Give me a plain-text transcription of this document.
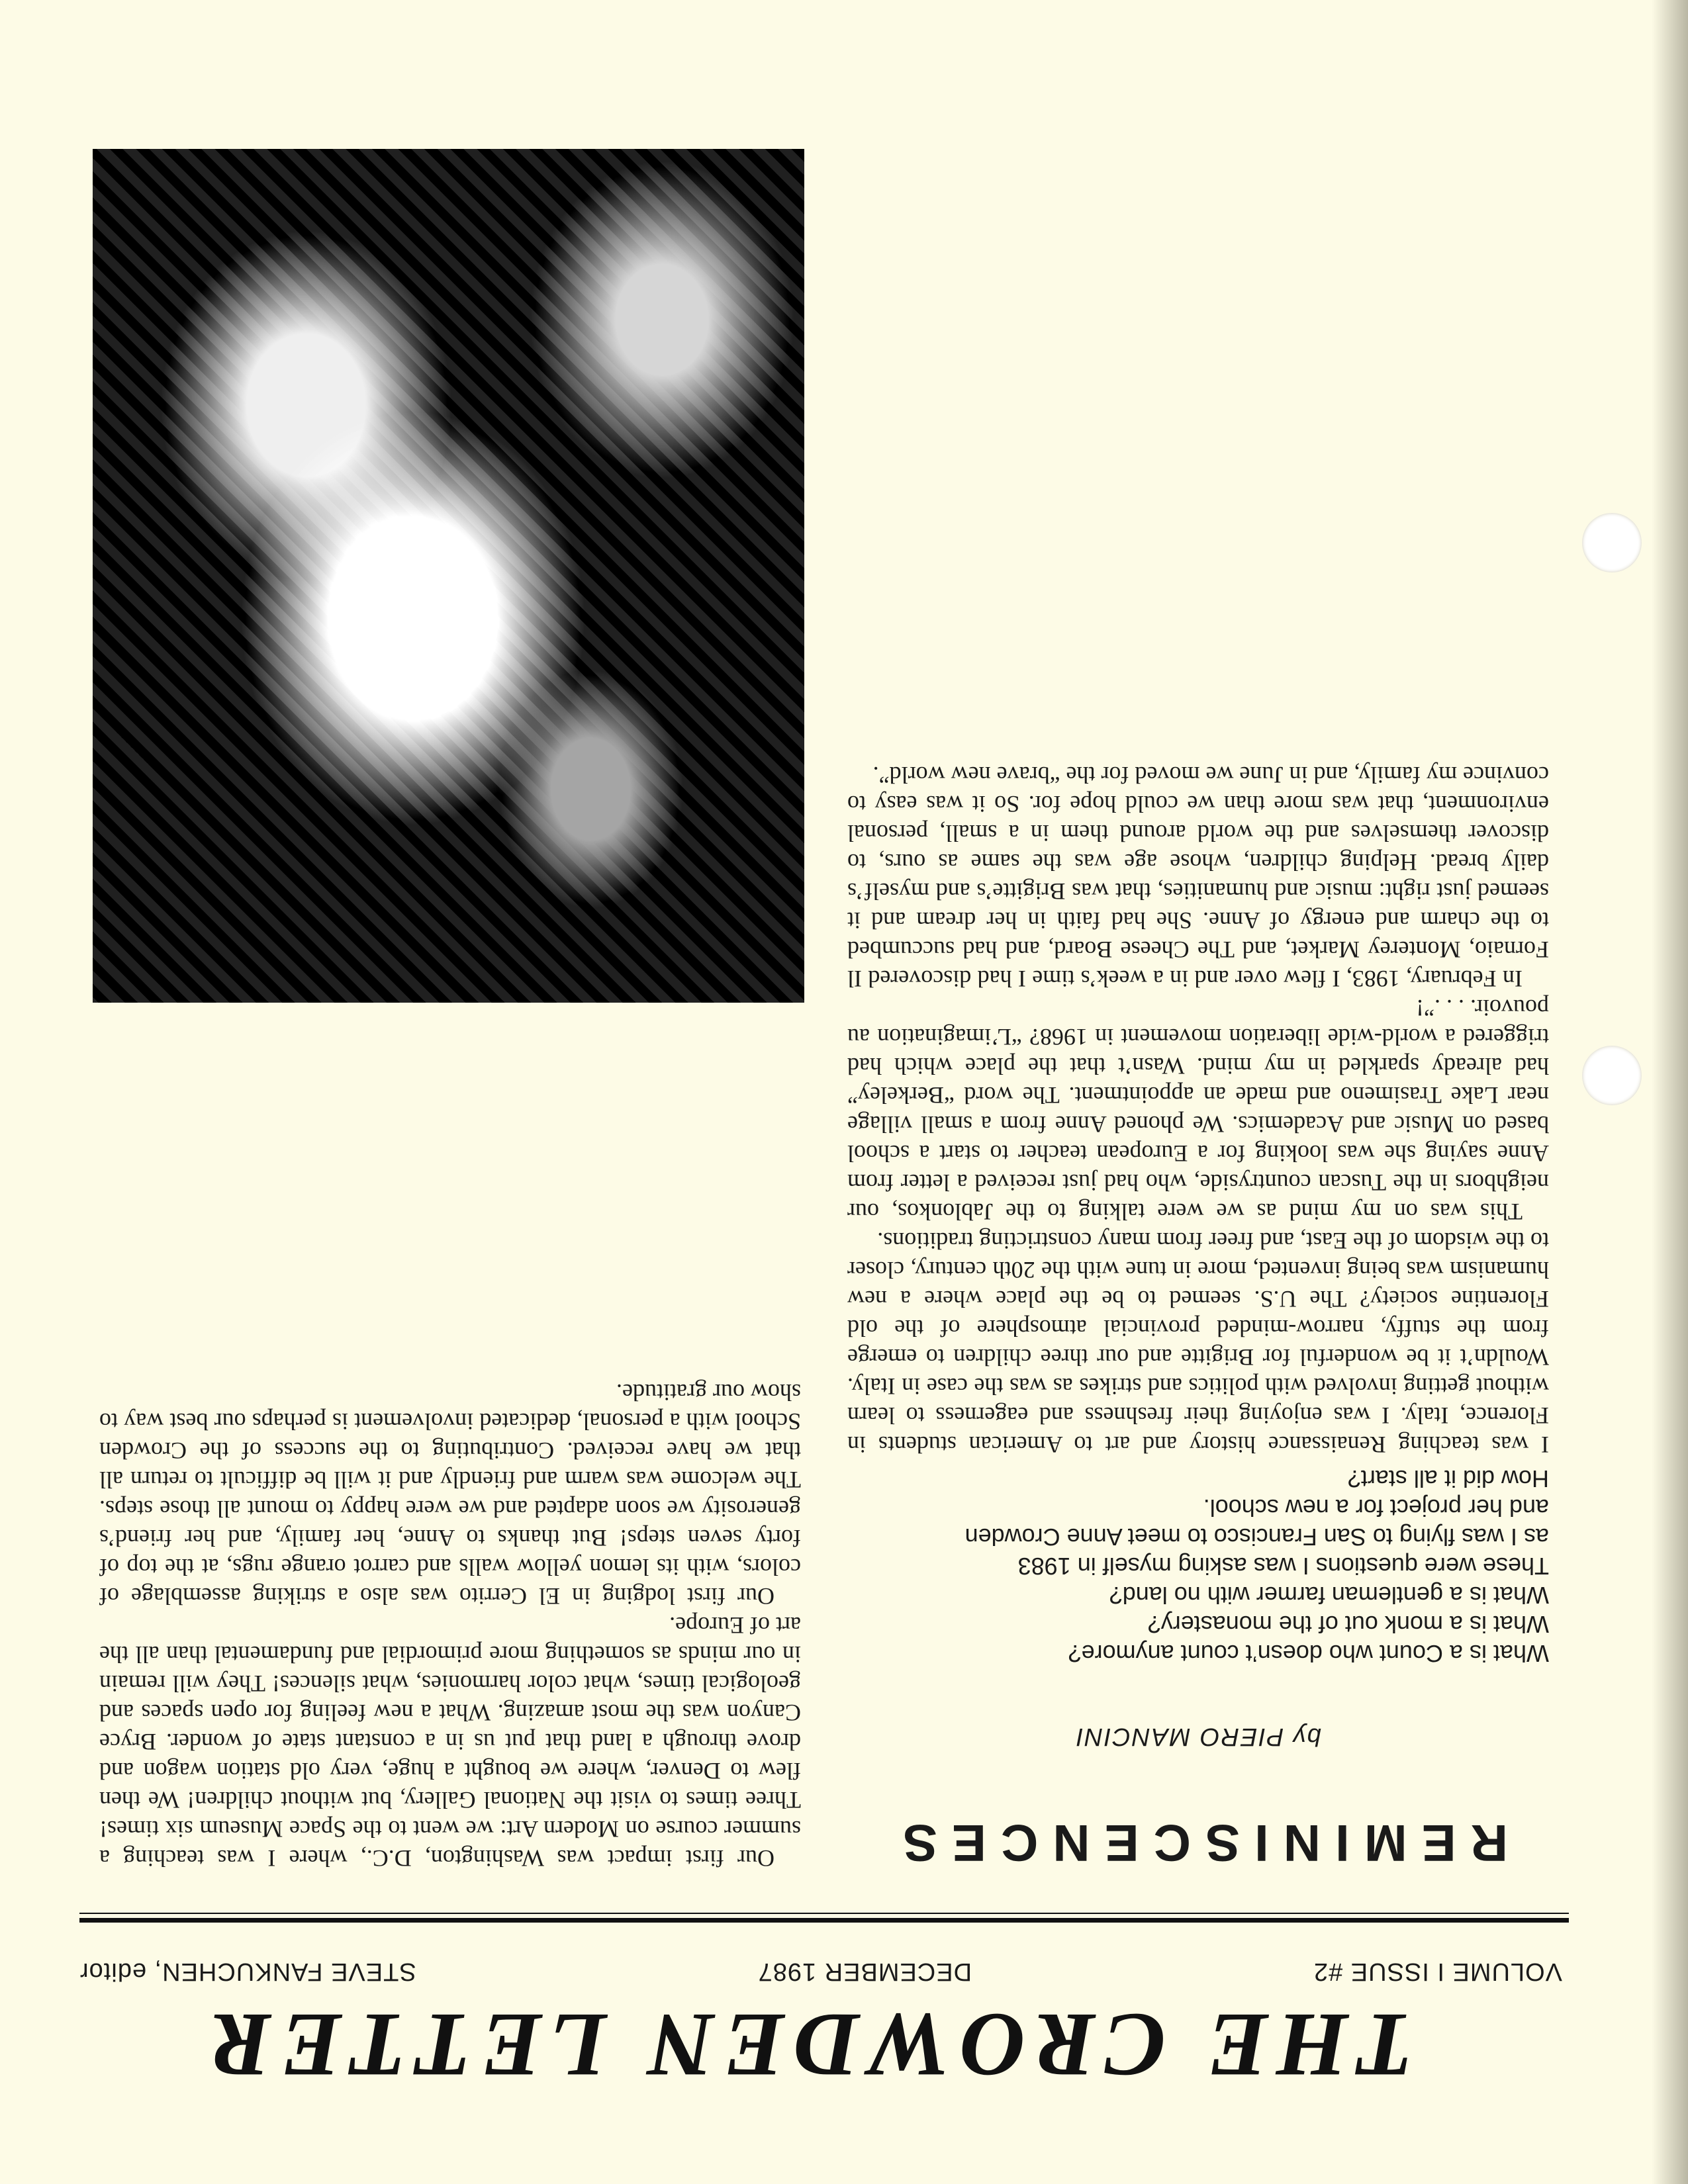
THE CROWDEN LETTER
VOLUME I ISSUE #2
DECEMBER 1987
STEVE FANKUCHEN, editor
REMINISCENCES
by PIERO MANCINI

What is a Count who doesn’t count anymore?

What is a monk out of the monastery?

What is a gentleman farmer with no land?

These were questions I was asking myself in 1983

as I was flying to San Francisco to meet Anne Crowden

and her project for a new school.

How did it all start?

I was teaching Renaissance history and art to American students in Florence, Italy. I was enjoying their freshness and eagerness to learn without getting involved with politics and strikes as was the case in Italy. Wouldn’t it be wonderful for Brigitte and our three children to emerge from the stuffy, narrow-minded provincial atmosphere of the old Florentine society? The U.S. seemed to be the place where a new humanism was being invented, more in tune with the 20th century, closer to the wisdom of the East, and freer from many constricting traditions.

This was on my mind as we were talking to the Jablonkos, our neighbors in the Tuscan countryside, who had just received a letter from Anne saying she was looking for a European teacher to start a school based on Music and Academics. We phoned Anne from a small village near Lake Trasimeno and made an appointment. The word “Berkeley” had already sparkled in my mind. Wasn’t that the place which had triggered a world-wide liberation movement in 1968? “L’imagination au pouvoir. . . .”!

In February, 1983, I flew over and in a week’s time I had discovered Il Fornaio, Monterey Market, and The Cheese Board, and had succumbed to the charm and energy of Anne. She had faith in her dream and it seemed just right: music and humanities, that was Brigitte’s and myself’s daily bread. Helping children, whose age was the same as ours, to discover themselves and the world around them in a small, personal environment, that was more than we could hope for. So it was easy to convince my family, and in June we moved for the “brave new world”.

Our first impact was Washington, D.C., where I was teaching a summer course on Modern Art: we went to the Space Museum six times! Three times to visit the National Gallery, but without children! We then flew to Denver, where we bought a huge, very old station wagon and drove through a land that put us in a constant state of wonder. Bryce Canyon was the most amazing. What a new feeling for open spaces and geological times, what color harmonies, what silences! They will remain in our minds as something more primordial and fundamental than all the art of Europe.

Our first lodging in El Cerrito was also a striking assemblage of colors, with its lemon yellow walls and carrot orange rugs, at the top of forty seven steps! But thanks to Anne, her family, and her friend’s generosity we soon adapted and we were happy to mount all those steps. The welcome was warm and friendly and it will be difficult to return all that we have received. Contributing to the success of the Crowden School with a personal, dedicated involvement is perhaps our best way to show our gratitude.
